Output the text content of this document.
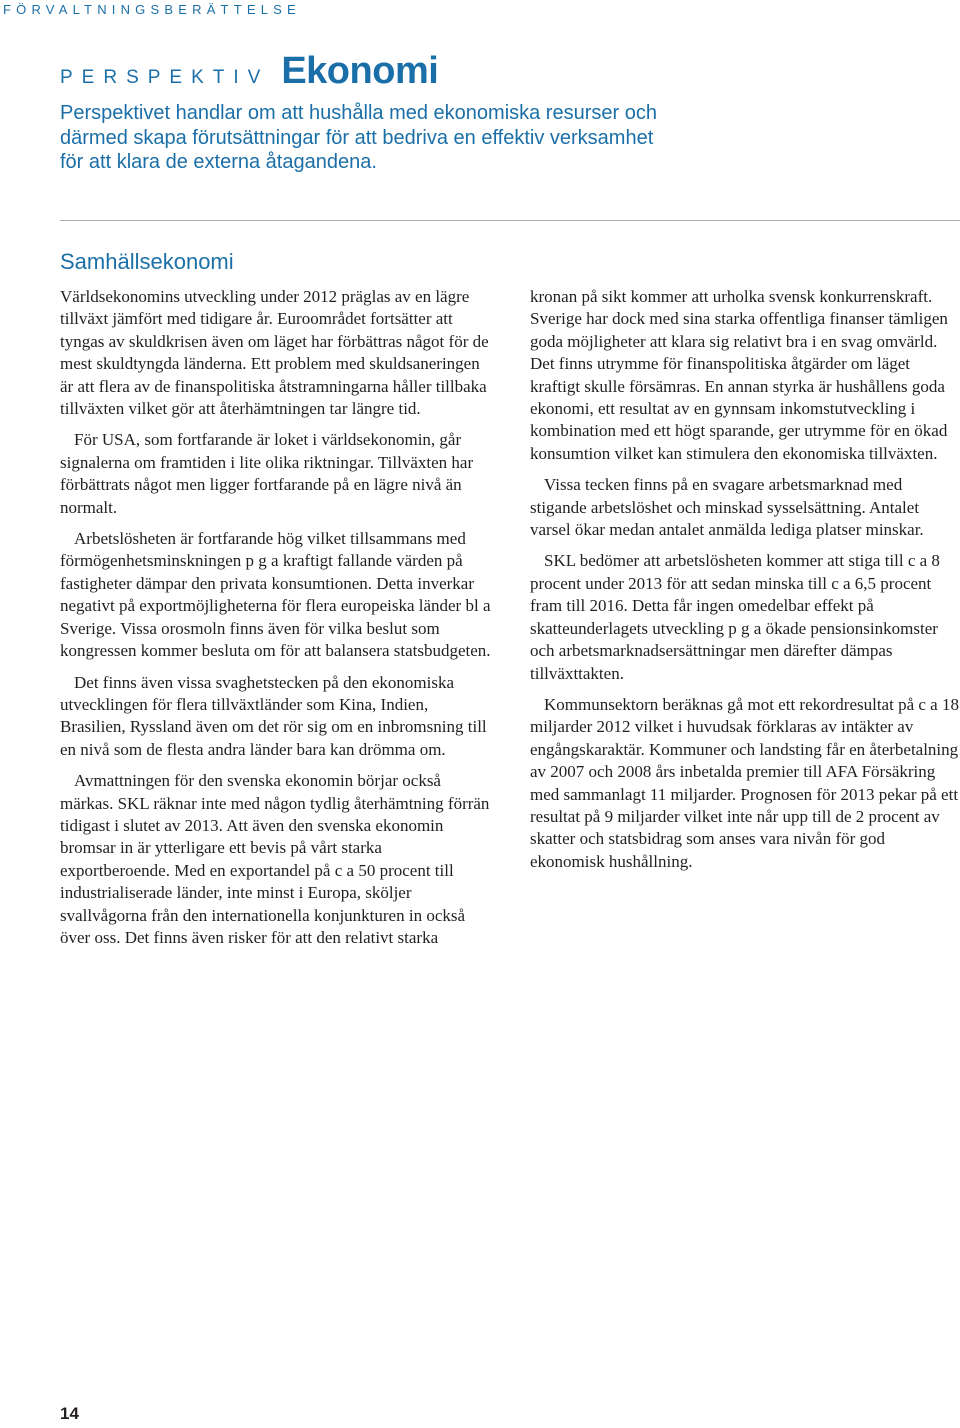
FÖRVALTNINGSBERÄTTELSE
PERSPEKTIV Ekonomi

Perspektivet handlar om att hushålla med ekonomiska resurser och

därmed skapa förutsättningar för att bedriva en effektiv verksamhet

för att klara de externa åtagandena.

Samhällsekonomi

Världsekonomins utveckling under 2012 präglas av en lägre tillväxt jämfört med tidigare år. Euroområdet fortsätter att tyngas av skuldkrisen även om läget har förbättras något för de mest skuldtyngda länderna. Ett problem med skuldsaneringen är att flera av de finanspolitiska åtstramningarna håller tillbaka tillväxten vilket gör att återhämtningen tar längre tid.

För USA, som fortfarande är loket i världsekonomin, går signalerna om framtiden i lite olika riktningar. Tillväxten har förbättrats något men ligger fortfarande på en lägre nivå än normalt.

Arbetslösheten är fortfarande hög vilket tillsammans med förmögenhetsminskningen p g a kraftigt fallande värden på fastigheter dämpar den privata konsumtionen. Detta inverkar negativt på exportmöjligheterna för flera europeiska länder bl a Sverige. Vissa orosmoln finns även för vilka beslut som kongressen kommer besluta om för att balansera statsbudgeten.

Det finns även vissa svaghetstecken på den ekonomiska utvecklingen för flera tillväxtländer som Kina, Indien, Brasilien, Ryssland även om det rör sig om en inbromsning till en nivå som de flesta andra länder bara kan drömma om.

Avmattningen för den svenska ekonomin börjar också märkas. SKL räknar inte med någon tydlig återhämtning förrän tidigast i slutet av 2013. Att även den svenska ekonomin bromsar in är ytterligare ett bevis på vårt starka exportberoende. Med en exportandel på c a 50 procent till industrialiserade länder, inte minst i Europa, sköljer svallvågorna från den internationella konjunkturen in också över oss. Det finns även risker för att den relativt starka

kronan på sikt kommer att urholka svensk konkurrenskraft. Sverige har dock med sina starka offentliga finanser tämligen goda möjligheter att klara sig relativt bra i en svag omvärld. Det finns utrymme för finanspolitiska åtgärder om läget kraftigt skulle försämras. En annan styrka är hushållens goda ekonomi, ett resultat av en gynnsam inkomstutveckling i kombination med ett högt sparande, ger utrymme för en ökad konsumtion vilket kan stimulera den ekonomiska tillväxten.

Vissa tecken finns på en svagare arbetsmarknad med stigande arbetslöshet och minskad sysselsättning. Antalet varsel ökar medan antalet anmälda lediga platser minskar.

SKL bedömer att arbetslösheten kommer att stiga till c a 8 procent under 2013 för att sedan minska till c a 6,5 procent fram till 2016. Detta får ingen omedelbar effekt på skatteunderlagets utveckling p g a ökade pensionsinkomster och arbetsmarknadsersättningar men därefter dämpas tillväxttakten.

Kommunsektorn beräknas gå mot ett rekordresultat på c a 18 miljarder 2012 vilket i huvudsak förklaras av intäkter av engångskaraktär. Kommuner och landsting får en återbetalning av 2007 och 2008 års inbetalda premier till AFA Försäkring med sammanlagt 11 miljarder. Prognosen för 2013 pekar på ett resultat på 9 miljarder vilket inte når upp till de 2 procent av skatter och statsbidrag som anses vara nivån för god ekonomisk hushållning.

14
